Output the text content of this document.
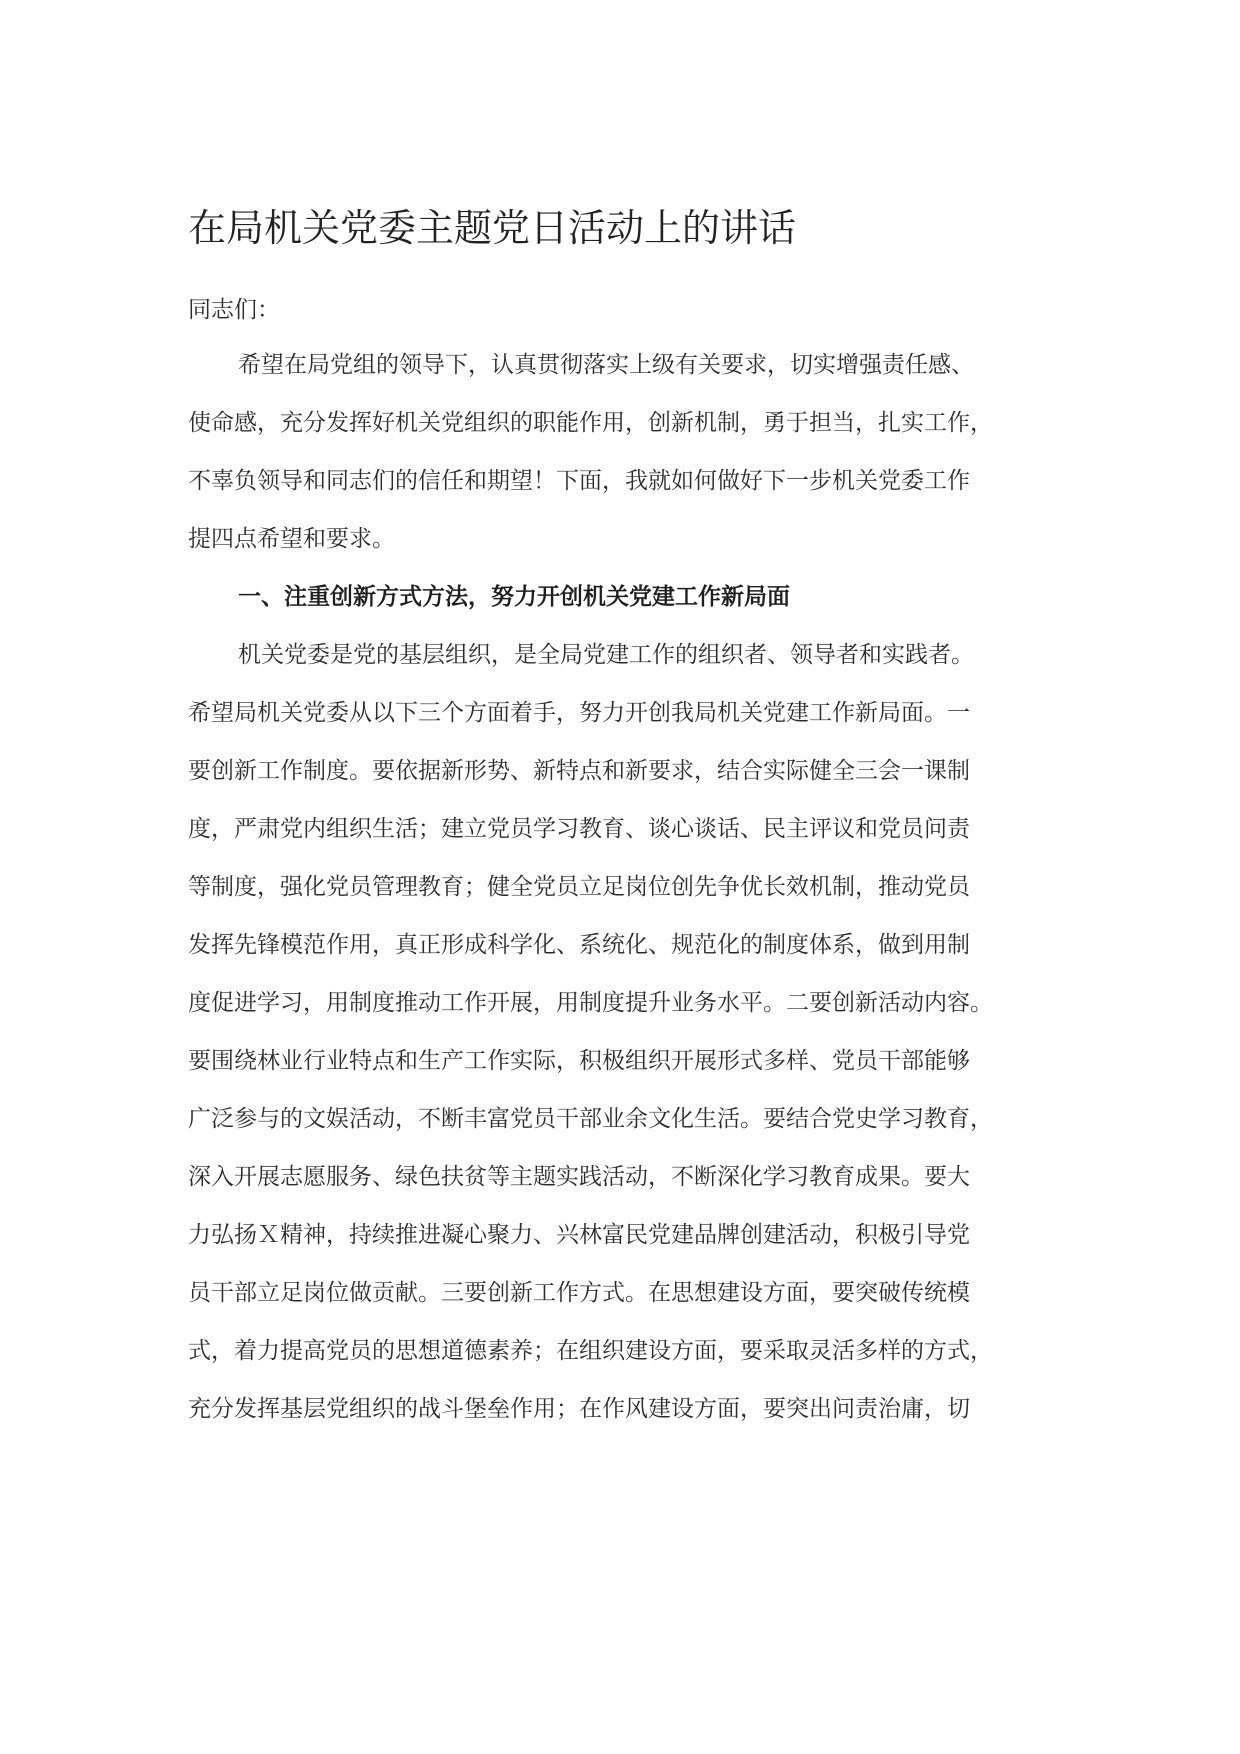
在局机关党委主题党日活动上的讲话

同志们：

希望在局党组的领导下，认真贯彻落实上级有关要求，切实增强责任感、

使命感，充分发挥好机关党组织的职能作用，创新机制，勇于担当，扎实工作，

不辜负领导和同志们的信任和期望！下面，我就如何做好下一步机关党委工作

提四点希望和要求。

一、注重创新方式方法，努力开创机关党建工作新局面

机关党委是党的基层组织，是全局党建工作的组织者、领导者和实践者。

希望局机关党委从以下三个方面着手，努力开创我局机关党建工作新局面。一

要创新工作制度。要依据新形势、新特点和新要求，结合实际健全三会一课制

度，严肃党内组织生活；建立党员学习教育、谈心谈话、民主评议和党员问责

等制度，强化党员管理教育；健全党员立足岗位创先争优长效机制，推动党员

发挥先锋模范作用，真正形成科学化、系统化、规范化的制度体系，做到用制

度促进学习，用制度推动工作开展，用制度提升业务水平。二要创新活动内容。

要围绕林业行业特点和生产工作实际，积极组织开展形式多样、党员干部能够

广泛参与的文娱活动，不断丰富党员干部业余文化生活。要结合党史学习教育，

深入开展志愿服务、绿色扶贫等主题实践活动，不断深化学习教育成果。要大

力弘扬Ｘ精神，持续推进凝心聚力、兴林富民党建品牌创建活动，积极引导党

员干部立足岗位做贡献。三要创新工作方式。在思想建设方面，要突破传统模

式，着力提高党员的思想道德素养；在组织建设方面，要采取灵活多样的方式，

充分发挥基层党组织的战斗堡垒作用；在作风建设方面，要突出问责治庸，切
